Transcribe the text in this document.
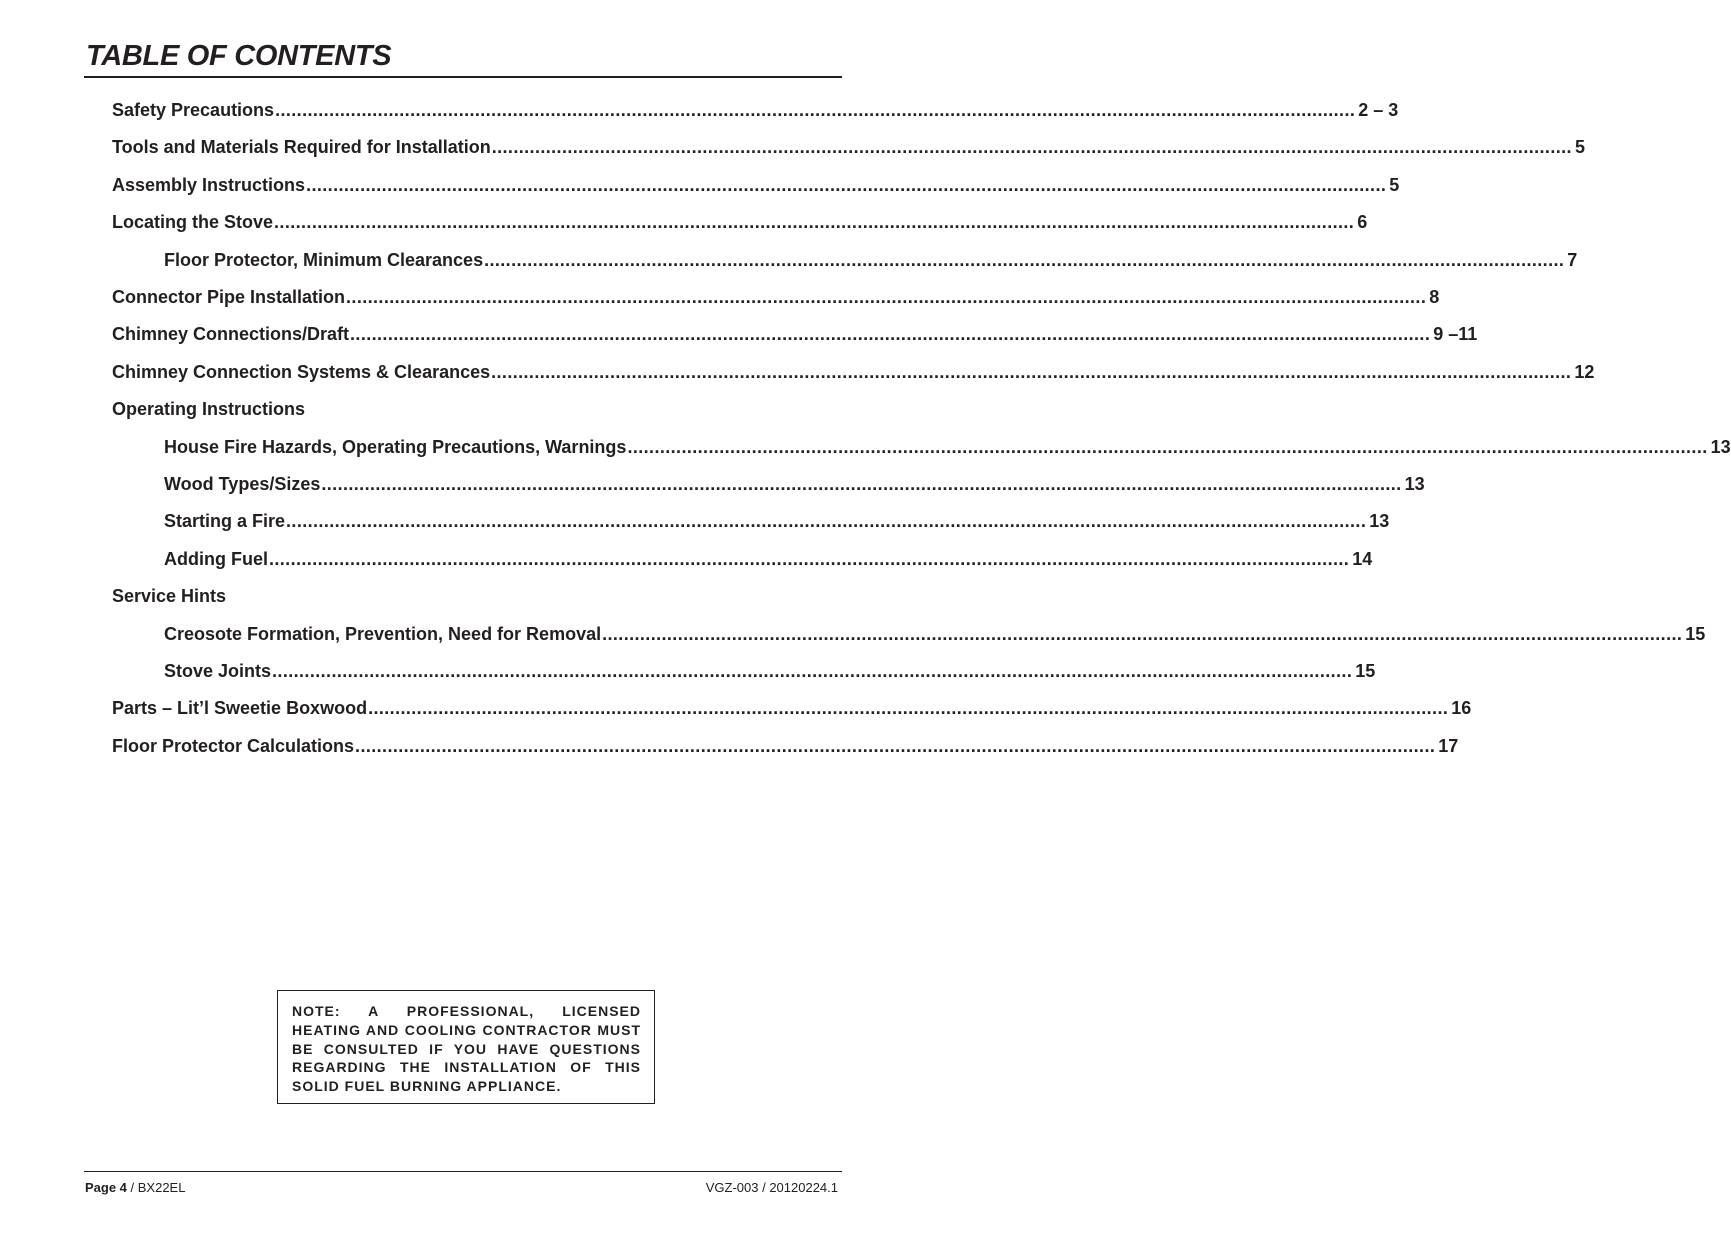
TABLE OF CONTENTS
Safety Precautions ........................................................................................................................................................................................................ 2 – 3
Tools and Materials Required for Installation ........................................................................................................................................................................................................ 5
Assembly Instructions ........................................................................................................................................................................................................ 5
Locating the Stove ........................................................................................................................................................................................................ 6
Floor Protector, Minimum Clearances ........................................................................................................................................................................................................ 7
Connector Pipe Installation ........................................................................................................................................................................................................ 8
Chimney Connections/Draft ........................................................................................................................................................................................................ 9 –11
Chimney Connection Systems & Clearances ........................................................................................................................................................................................................ 12
Operating Instructions
House Fire Hazards, Operating Precautions, Warnings ........................................................................................................................................................................................................ 13
Wood Types/Sizes ........................................................................................................................................................................................................ 13
Starting a Fire ........................................................................................................................................................................................................ 13
Adding Fuel ........................................................................................................................................................................................................ 14
Service Hints
Creosote Formation, Prevention, Need for Removal ........................................................................................................................................................................................................ 15
Stove Joints ........................................................................................................................................................................................................ 15
Parts – Lit’l Sweetie Boxwood ........................................................................................................................................................................................................ 16
Floor Protector Calculations ........................................................................................................................................................................................................ 17

NOTE: A PROFESSIONAL, LICENSED HEATING AND COOLING CONTRACTOR MUST BE CONSULTED IF YOU HAVE QUESTIONS REGARDING THE INSTALLATION OF THIS SOLID FUEL BURNING APPLIANCE.

Page 4 / BX22EL	VGZ-003 / 20120224.1
